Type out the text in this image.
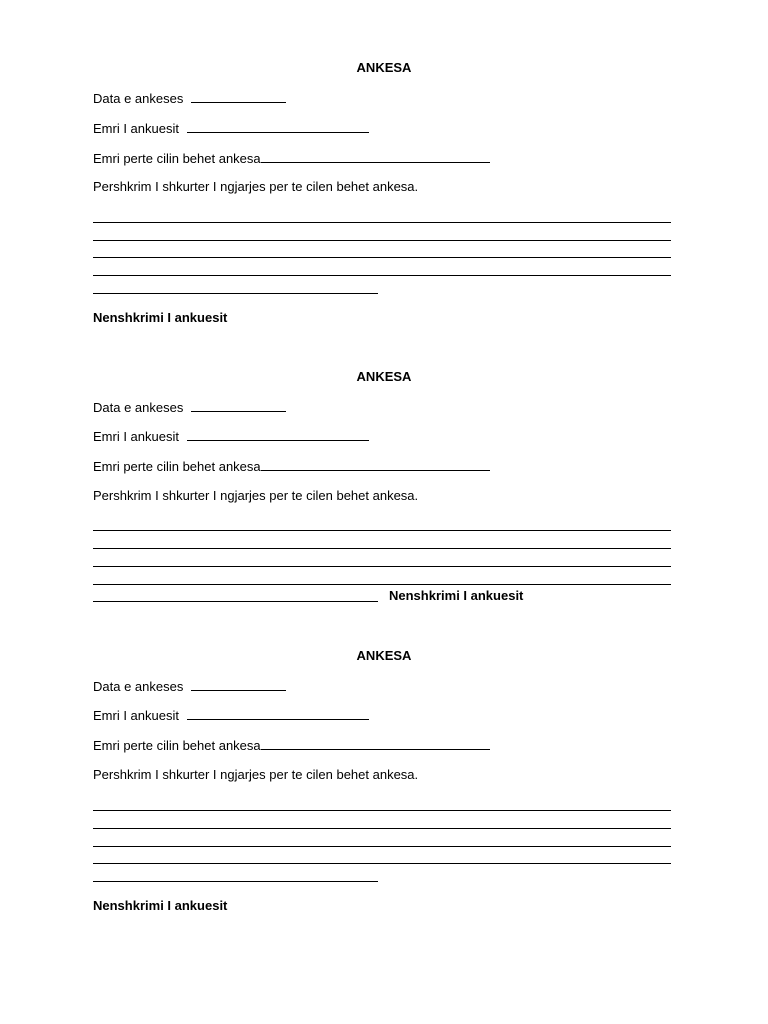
ANKESA
Data e ankeses
Emri I ankuesit
Emri perte cilin behet ankesa
Pershkrim I shkurter I ngjarjes per te cilen behet ankesa.
Nenshkrimi I ankuesit
ANKESA
Data e ankeses
Emri I ankuesit
Emri perte cilin behet ankesa
Pershkrim I shkurter I ngjarjes per te cilen behet ankesa.
Nenshkrimi I ankuesit
ANKESA
Data e ankeses
Emri I ankuesit
Emri perte cilin behet ankesa
Pershkrim I shkurter I ngjarjes per te cilen behet ankesa.
Nenshkrimi I ankuesit
